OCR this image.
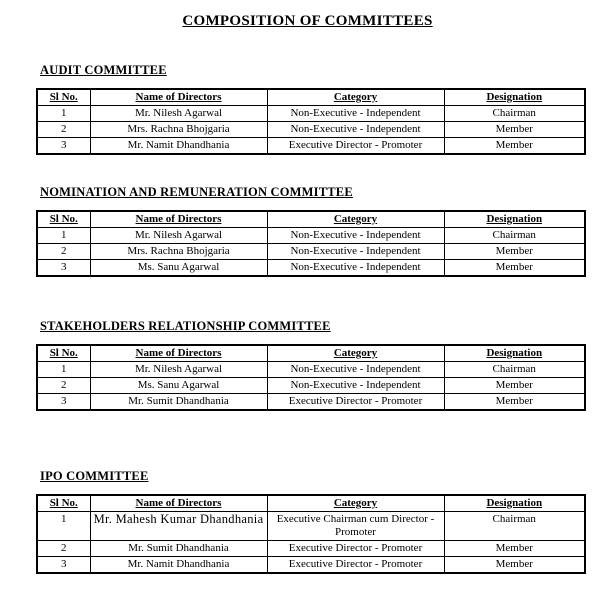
COMPOSITION OF COMMITTEES
AUDIT COMMITTEE
Sl No.	Name of Directors	Category	Designation
1	Mr. Nilesh Agarwal	Non-Executive - Independent	Chairman
2	Mrs. Rachna Bhojgaria	Non-Executive - Independent	Member
3	Mr. Namit Dhandhania	Executive Director - Promoter	Member
NOMINATION AND REMUNERATION COMMITTEE
Sl No.	Name of Directors	Category	Designation
1	Mr. Nilesh Agarwal	Non-Executive - Independent	Chairman
2	Mrs. Rachna Bhojgaria	Non-Executive - Independent	Member
3	Ms. Sanu Agarwal	Non-Executive - Independent	Member
STAKEHOLDERS RELATIONSHIP COMMITTEE
Sl No.	Name of Directors	Category	Designation
1	Mr. Nilesh Agarwal	Non-Executive - Independent	Chairman
2	Ms. Sanu Agarwal	Non-Executive - Independent	Member
3	Mr. Sumit Dhandhania	Executive Director - Promoter	Member
IPO COMMITTEE
Sl No.	Name of Directors	Category	Designation
1	Mr. Mahesh Kumar Dhandhania	Executive Chairman cum Director - Promoter	Chairman
2	Mr. Sumit Dhandhania	Executive Director - Promoter	Member
3	Mr. Namit Dhandhania	Executive Director - Promoter	Member
